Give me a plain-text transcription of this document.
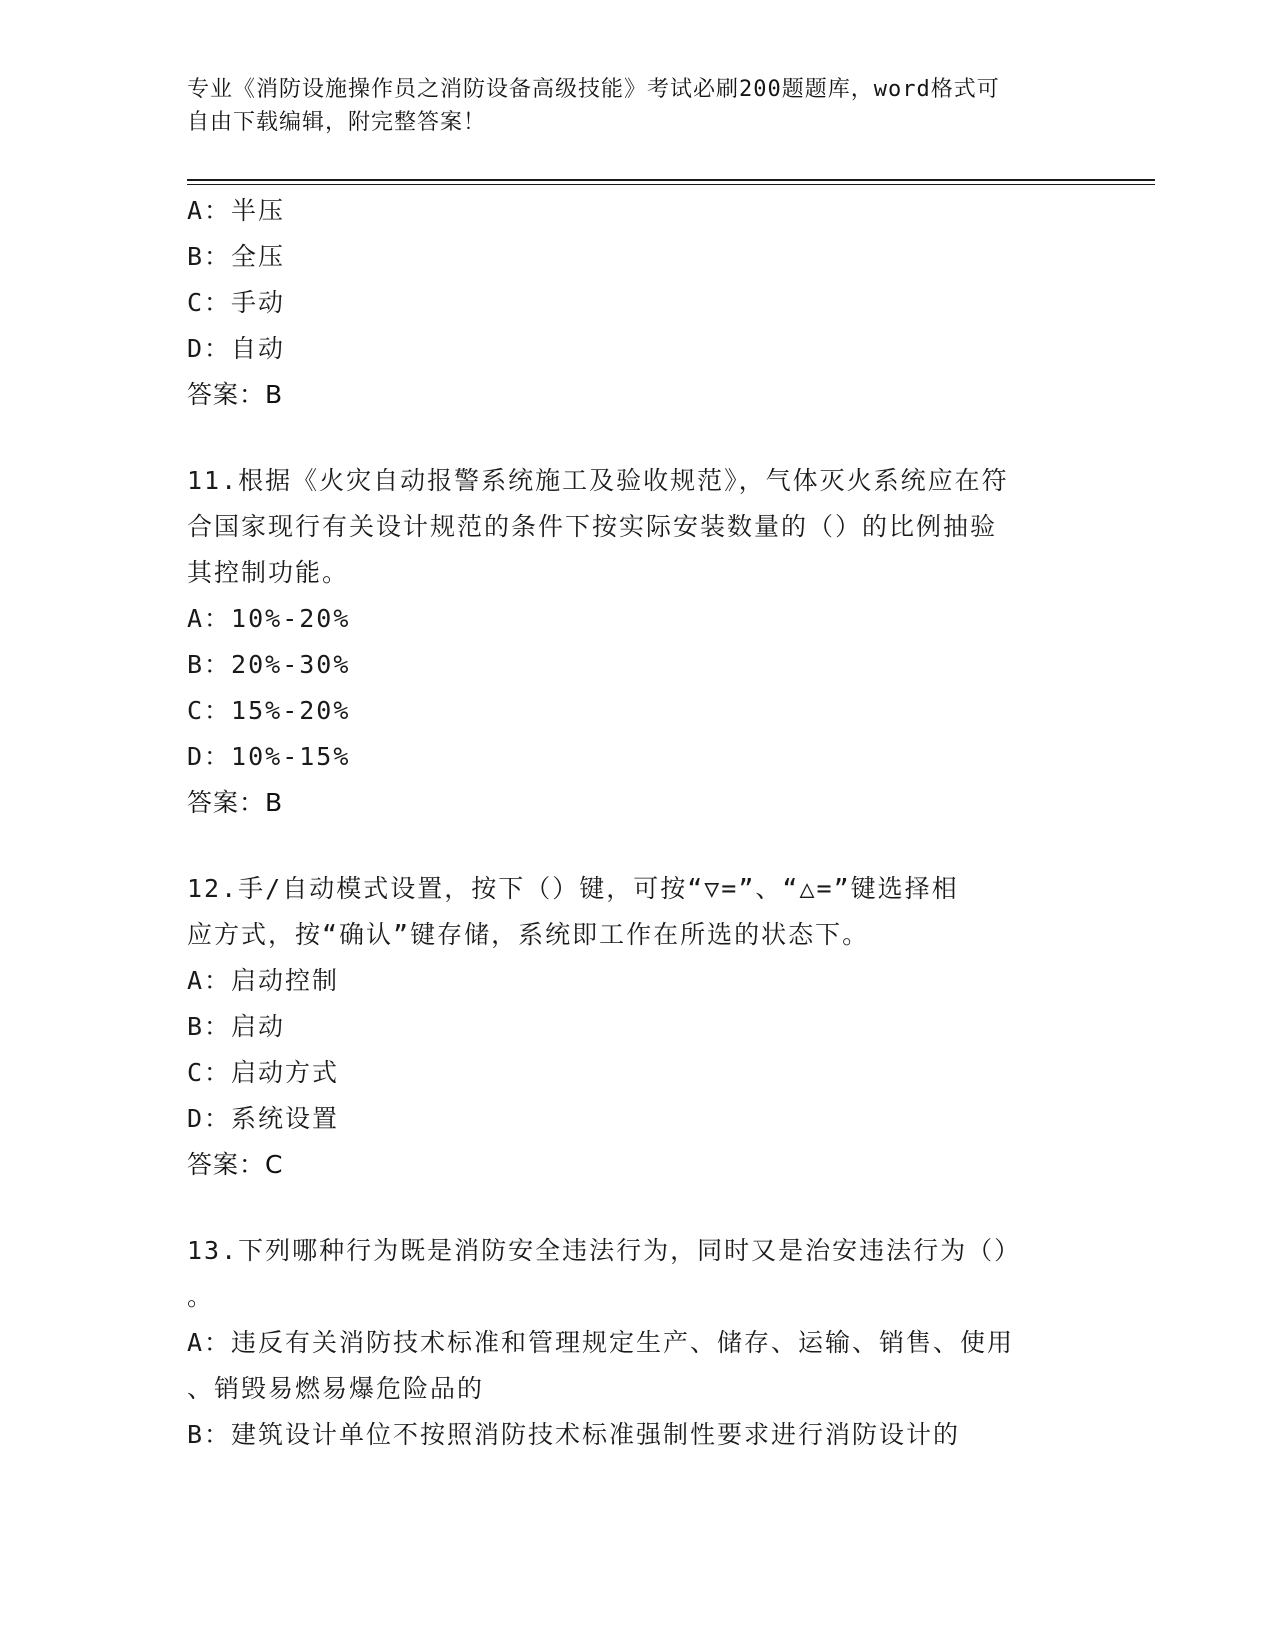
专业《消防设施操作员之消防设备高级技能》考试必刷200题题库，word格式可
自由下载编辑，附完整答案！
A：半压
B：全压
C：手动
D：自动
答案：B
11.根据《火灾自动报警系统施工及验收规范》，气体灭火系统应在符
合国家现行有关设计规范的条件下按实际安装数量的（）的比例抽验
其控制功能。
A：10%-20%
B：20%-30%
C：15%-20%
D：10%-15%
答案：B
12.手/自动模式设置，按下（）键，可按“▽=”、“△=”键选择相
应方式，按“确认”键存储，系统即工作在所选的状态下。
A：启动控制
B：启动
C：启动方式
D：系统设置
答案：C
13.下列哪种行为既是消防安全违法行为，同时又是治安违法行为（）
。
A：违反有关消防技术标准和管理规定生产、储存、运输、销售、使用
、销毁易燃易爆危险品的
B：建筑设计单位不按照消防技术标准强制性要求进行消防设计的
